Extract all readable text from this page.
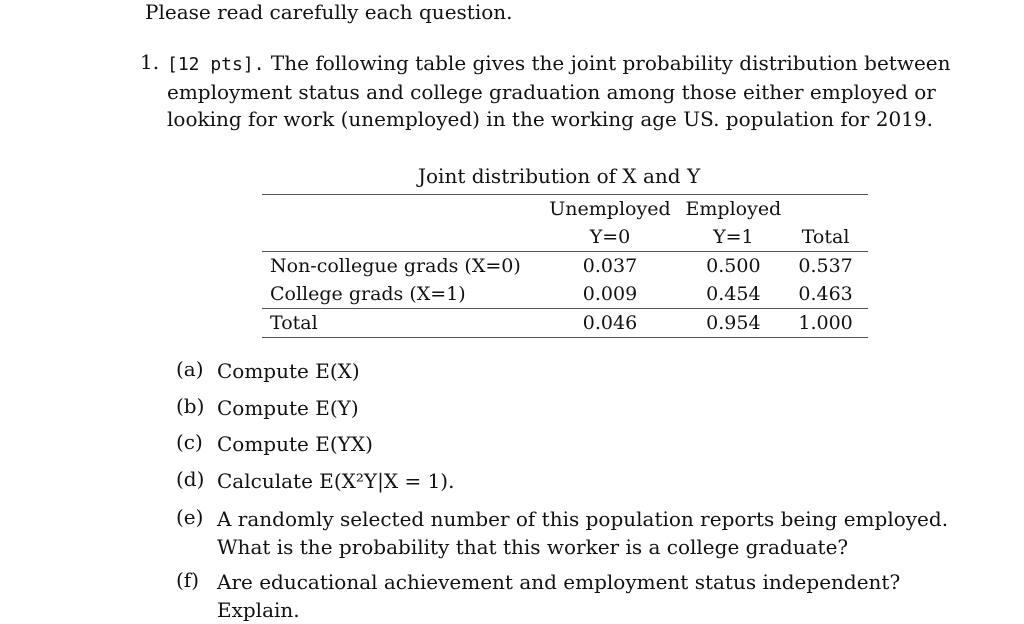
Please read carefully each question.
1. [12 pts]. The following table gives the joint probability distribution between employment status and college graduation among those either employed or looking for work (unemployed) in the working age US. population for 2019.
Joint distribution of X and Y
	Unemployed	Employed	
	Y=0	Y=1	Total
Non-collegue grads (X=0)	0.037	0.500	0.537
College grads (X=1)	0.009	0.454	0.463
Total	0.046	0.954	1.000
(a) Compute E(X)
(b) Compute E(Y)
(c) Compute E(YX)
(d) Calculate E(X²Y|X = 1).
(e) A randomly selected number of this population reports being employed. What is the probability that this worker is a college graduate?
(f) Are educational achievement and employment status independent? Explain.
